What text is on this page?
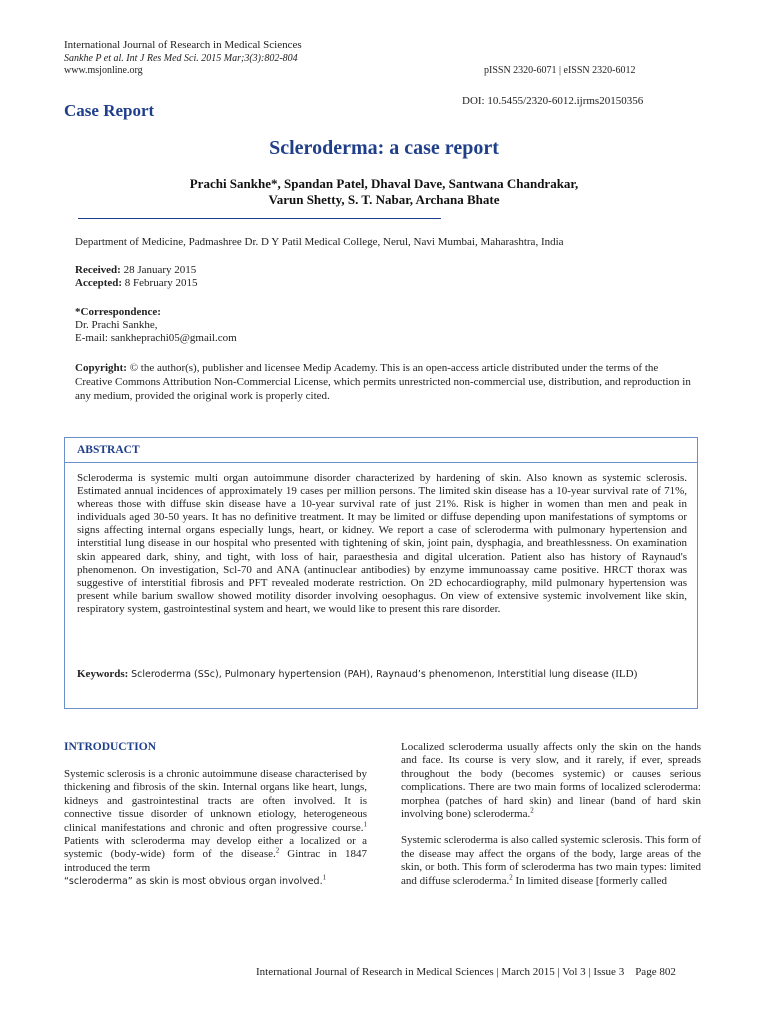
International Journal of Research in Medical Sciences
Sankhe P et al. Int J Res Med Sci. 2015 Mar;3(3):802-804
www.msjonline.org	pISSN 2320-6071 | eISSN 2320-6012
DOI: 10.5455/2320-6012.ijrms20150356
Case Report
Scleroderma: a case report
Prachi Sankhe*, Spandan Patel, Dhaval Dave, Santwana Chandrakar,
Varun Shetty, S. T. Nabar, Archana Bhate
Department of Medicine, Padmashree Dr. D Y Patil Medical College, Nerul, Navi Mumbai, Maharashtra, India
Received: 28 January 2015
Accepted: 8 February 2015
*Correspondence:
Dr. Prachi Sankhe,
E-mail: sankheprachi05@gmail.com
Copyright: © the author(s), publisher and licensee Medip Academy. This is an open-access article distributed under the terms of the Creative Commons Attribution Non-Commercial License, which permits unrestricted non-commercial use, distribution, and reproduction in any medium, provided the original work is properly cited.
ABSTRACT
Scleroderma is systemic multi organ autoimmune disorder characterized by hardening of skin. Also known as systemic sclerosis. Estimated annual incidences of approximately 19 cases per million persons. The limited skin disease has a 10-year survival rate of 71%, whereas those with diffuse skin disease have a 10-year survival rate of just 21%. Risk is higher in women than men and peak in individuals aged 30-50 years. It has no definitive treatment. It may be limited or diffuse depending upon manifestations of symptoms or signs affecting internal organs especially lungs, heart, or kidney. We report a case of scleroderma with pulmonary hypertension and interstitial lung disease in our hospital who presented with tightening of skin, joint pain, dysphagia, and breathlessness. On examination skin appeared dark, shiny, and tight, with loss of hair, paraesthesia and digital ulceration. Patient also has history of Raynaud's phenomenon. On investigation, Scl-70 and ANA (antinuclear antibodies) by enzyme immunoassay came positive. HRCT thorax was suggestive of interstitial fibrosis and PFT revealed moderate restriction. On 2D echocardiography, mild pulmonary hypertension was present while barium swallow showed motility disorder involving oesophagus. On view of extensive systemic involvement like skin, respiratory system, gastrointestinal system and heart, we would like to present this rare disorder.
Keywords: Scleroderma (SSc), Pulmonary hypertension (PAH), Raynaud’s phenomenon, Interstitial lung disease (ILD)
INTRODUCTION

Systemic sclerosis is a chronic autoimmune disease characterised by thickening and fibrosis of the skin. Internal organs like heart, lungs, kidneys and gastrointestinal tracts are often involved. It is connective tissue disorder of unknown etiology, heterogeneous clinical manifestations and chronic and often progressive course.$^1$ Patients with scleroderma may develop either a localized or a systemic (body-wide) form of the disease.$^2$ Gintrac in 1847 introduced the term
“scleroderma” as skin is most obvious organ involved.$^1$

Localized scleroderma usually affects only the skin on the hands and face. Its course is very slow, and it rarely, if ever, spreads throughout the body (becomes systemic) or causes serious complications. There are two main forms of localized scleroderma: morphea (patches of hard skin) and linear (band of hard skin involving bone) scleroderma.$^2$

Systemic scleroderma is also called systemic sclerosis. This form of the disease may affect the organs of the body, large areas of the skin, or both. This form of scleroderma has two main types: limited and diffuse scleroderma.$^2$ In limited disease [formerly called

International Journal of Research in Medical Sciences | March 2015 | Vol 3 | Issue 3    Page 802
